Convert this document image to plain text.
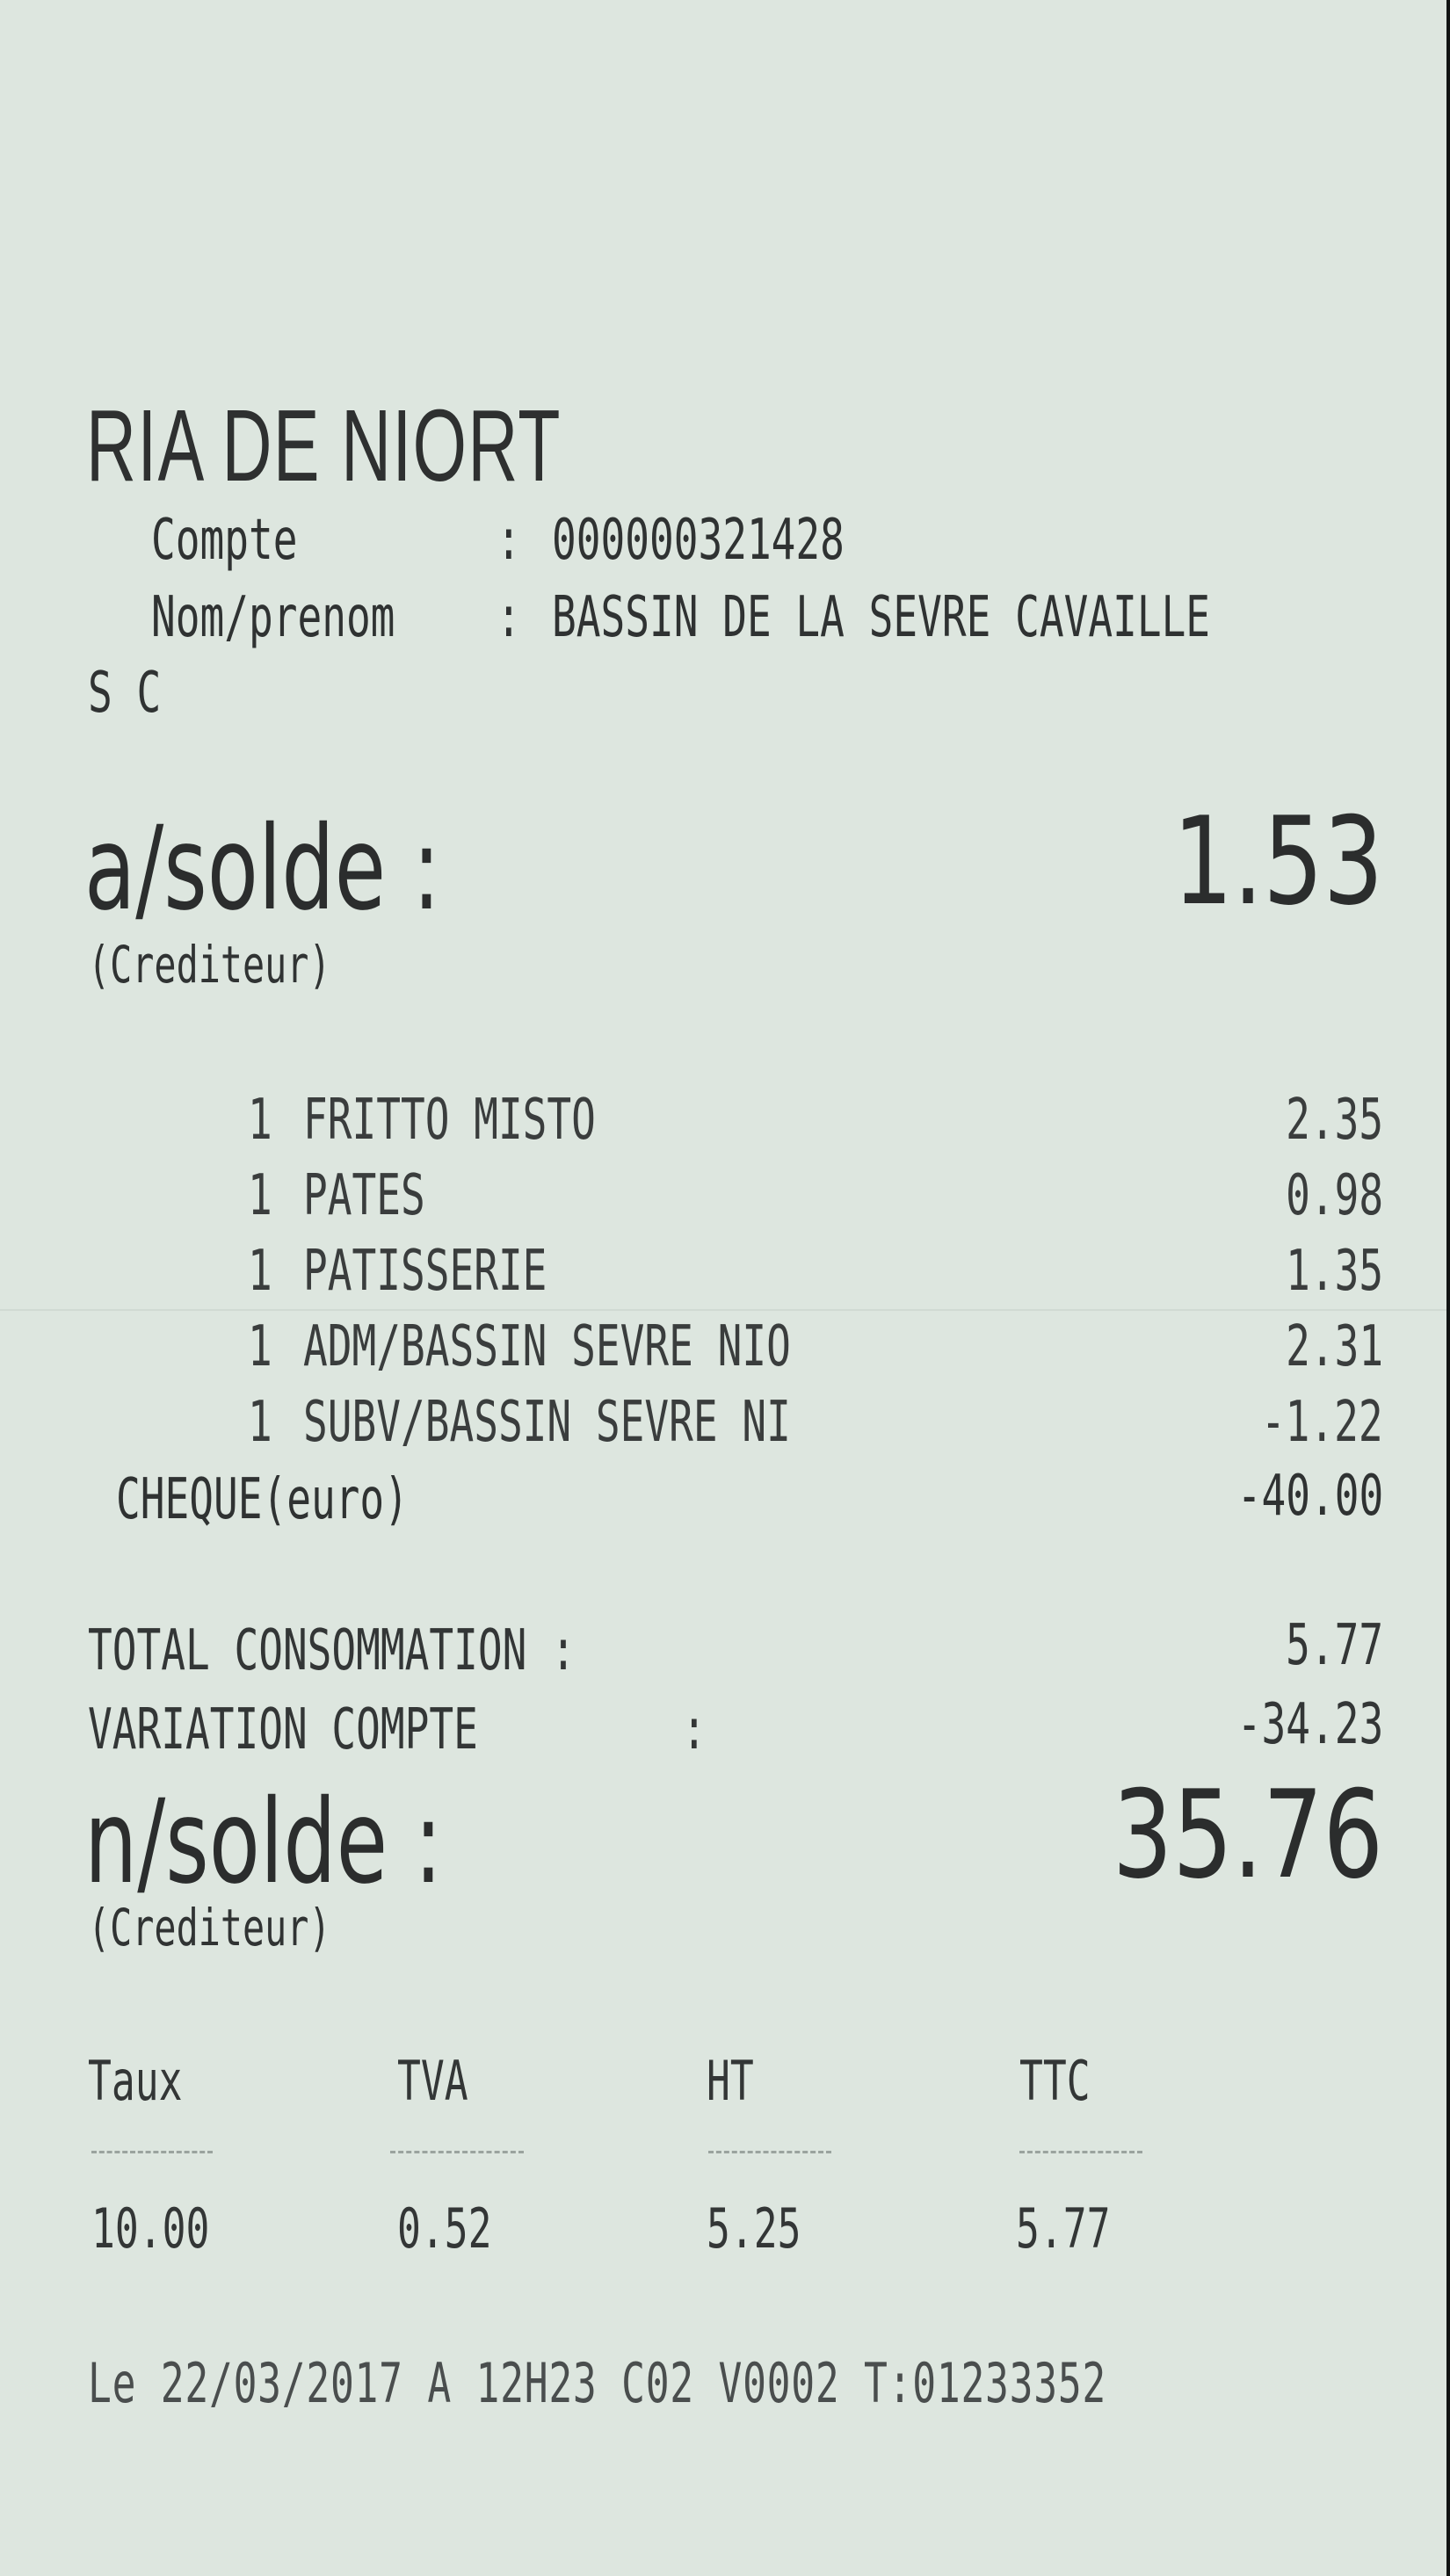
RIA DE NIORT
Compte	: 000000321428
Nom/prenom : BASSIN DE LA SEVRE CAVAILLE
S C
a/solde :	1.53
(Crediteur)
1 FRITTO MISTO	2.35
1 PATES	0.98
1 PATISSERIE	1.35
1 ADM/BASSIN SEVRE NIO	2.31
1 SUBV/BASSIN SEVRE NI	-1.22
CHEQUE(euro)	-40.00
TOTAL CONSOMMATION :	5.77
VARIATION COMPTE	:	-34.23
n/solde :	35.76
(Crediteur)
Taux	TVA	HT	TTC
10.00	0.52	5.25	5.77
Le 22/03/2017 A 12H23 C02 V0002 T:01233352
